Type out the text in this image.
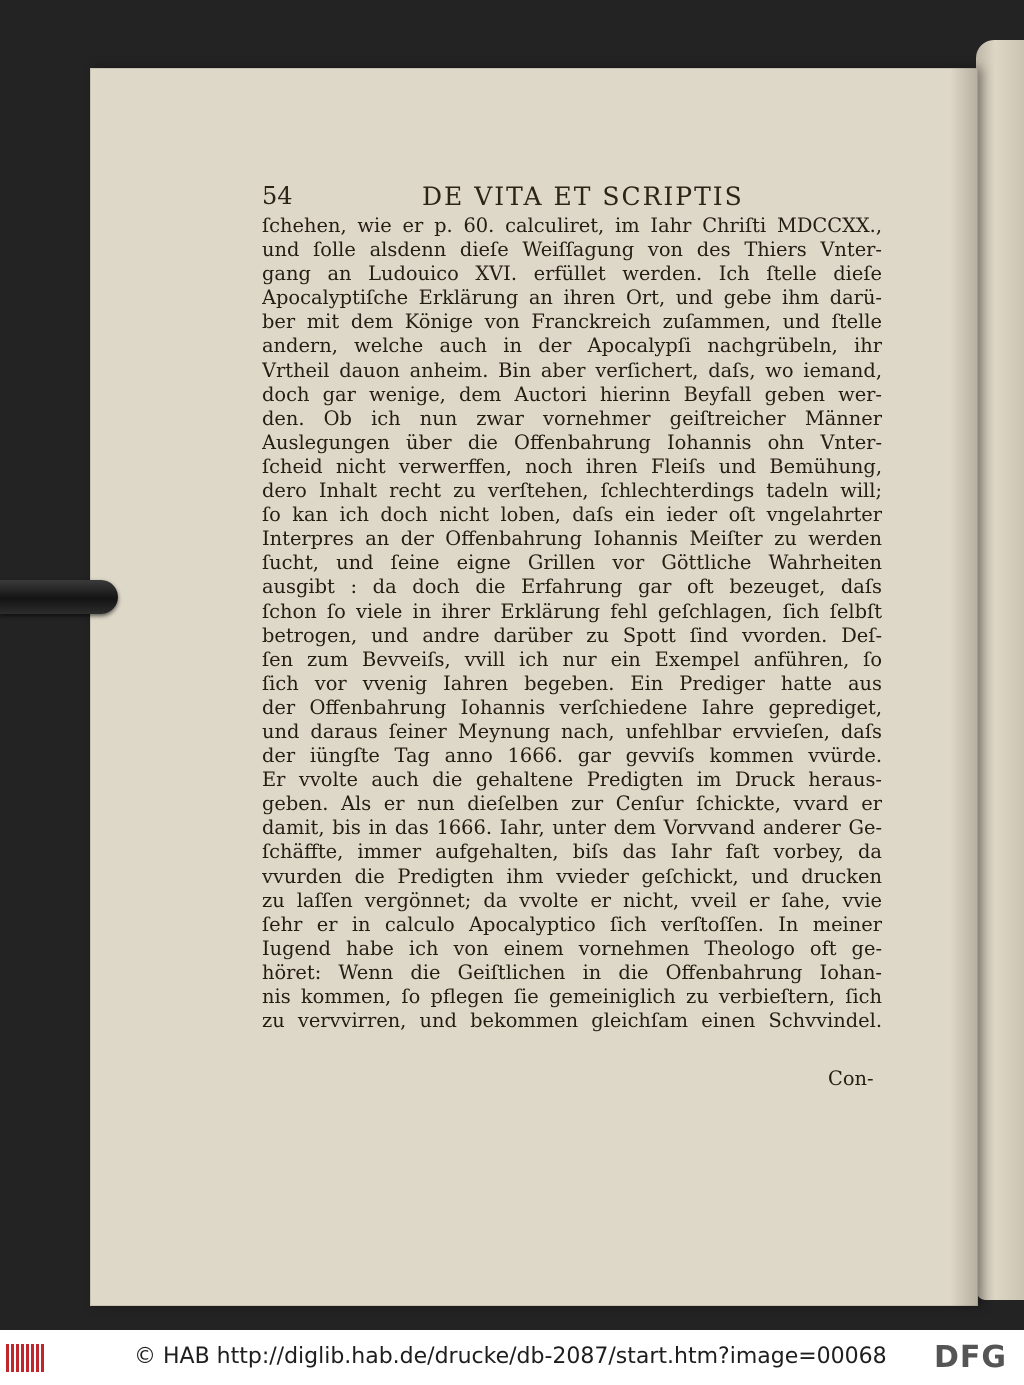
54	DE VITA ET SCRIPTIS
ſchehen, wie er p. 60. calculiret, im Iahr Chriſti MDCCXX.,
und ſolle alsdenn dieſe Weiſſagung von des Thiers Vnter-
gang an Ludouico XVI. erfüllet werden. Ich ſtelle dieſe
Apocalyptiſche Erklärung an ihren Ort, und gebe ihm darü-
ber mit dem Könige von Franckreich zuſammen, und ſtelle
andern, welche auch in der Apocalypſi nachgrübeln, ihr
Vrtheil dauon anheim. Bin aber verſichert, daſs, wo iemand,
doch gar wenige, dem Auctori hierinn Beyfall geben wer-
den. Ob ich nun zwar vornehmer geiſtreicher Männer
Auslegungen über die Offenbahrung Iohannis ohn Vnter-
ſcheid nicht verwerffen, noch ihren Fleiſs und Bemühung,
dero Inhalt recht zu verſtehen, ſchlechterdings tadeln will;
ſo kan ich doch nicht loben, daſs ein ieder oſt vngelahrter
Interpres an der Offenbahrung Iohannis Meiſter zu werden
ſucht, und ſeine eigne Grillen vor Göttliche Wahrheiten
ausgibt : da doch die Erfahrung gar oft bezeuget, daſs
ſchon ſo viele in ihrer Erklärung fehl geſchlagen, ſich ſelbſt
betrogen, und andre darüber zu Spott ſind vvorden. Deſ-
ſen zum Bevveiſs, vvill ich nur ein Exempel anführen, ſo
ſich vor vvenig Iahren begeben. Ein Prediger hatte aus
der Offenbahrung Iohannis verſchiedene Iahre geprediget,
und daraus ſeiner Meynung nach, unfehlbar ervvieſen, daſs
der iüngſte Tag anno 1666. gar gevviſs kommen vvürde.
Er vvolte auch die gehaltene Predigten im Druck heraus-
geben. Als er nun dieſelben zur Cenſur ſchickte, vvard er
damit, bis in das 1666. Iahr, unter dem Vorvvand anderer Ge-
ſchäffte, immer aufgehalten, biſs das Iahr faſt vorbey, da
vvurden die Predigten ihm vvieder geſchickt, und drucken
zu laſſen vergönnet; da vvolte er nicht, vveil er ſahe, vvie
ſehr er in calculo Apocalyptico ſich verſtoſſen. In meiner
Iugend habe ich von einem vornehmen Theologo oft ge-
höret: Wenn die Geiſtlichen in die Offenbahrung Iohan-
nis kommen, ſo pflegen ſie gemeiniglich zu verbieſtern, ſich
zu vervvirren, und bekommen gleichſam einen Schvvindel.
Con-
© HAB http://diglib.hab.de/drucke/db-2087/start.htm?image=00068 DFG
